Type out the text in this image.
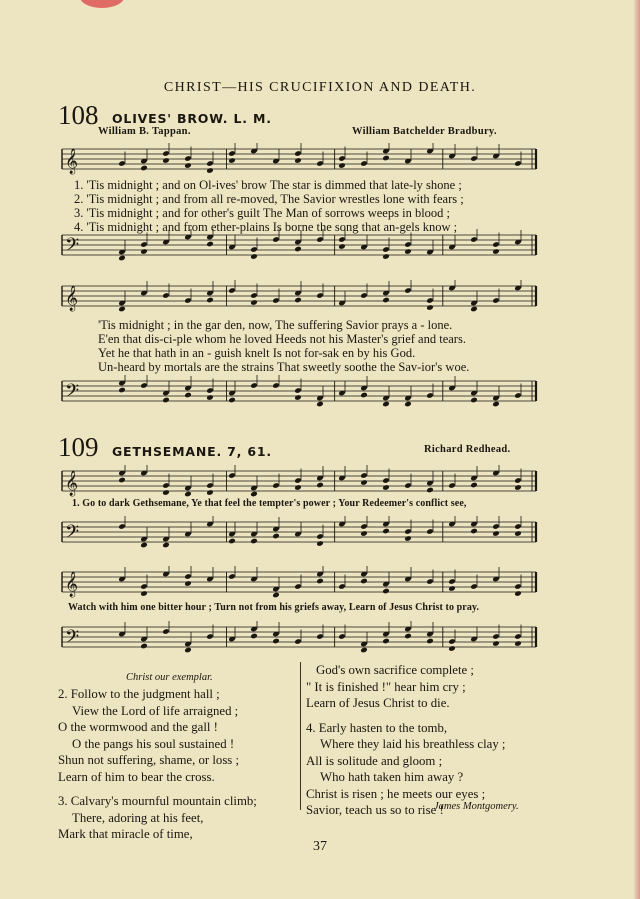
CHRIST—HIS CRUCIFIXION AND DEATH.
108 OLIVES' BROW. L. M.
William B. Tappan.	William Batchelder Bradbury.
𝄞
1. 'Tis midnight ; and on Ol-ives' brow The star is dimmed that late-ly shone ;
2. 'Tis midnight ; and from all re-moved, The Savior wrestles lone with fears ;
3. 'Tis midnight ; and for other's guilt The Man of sorrows weeps in blood ;
4. 'Tis midnight ; and from ether-plains Is borne the song that an-gels know ;
𝄢
𝄞
'Tis midnight ; in the gar den, now, The suffering Savior prays a - lone.
E'en that dis-ci-ple whom he loved Heeds not his Master's grief and tears.
Yet he that hath in an - guish knelt Is not for-sak en by his God.
Un-heard by mortals are the strains That sweetly soothe the Sav-ior's woe.
𝄢
109 GETHSEMANE. 7, 61.	Richard Redhead.
𝄞
1. Go to dark Gethsemane, Ye that feel the tempter's power ; Your Redeemer's conflict see,
𝄢
𝄞
Watch with him one bitter hour ; Turn not from his griefs away, Learn of Jesus Christ to pray.
𝄢
Christ our exemplar.
2. Follow to the judgment hall ;
View the Lord of life arraigned ;
O the wormwood and the gall !
O the pangs his soul sustained !
Shun not suffering, shame, or loss ;
Learn of him to bear the cross.
3. Calvary's mournful mountain climb;
There, adoring at his feet,
Mark that miracle of time,
God's own sacrifice complete ;
" It is finished !" hear him cry ;
Learn of Jesus Christ to die.
4. Early hasten to the tomb,
Where they laid his breathless clay ;
All is solitude and gloom ;
Who hath taken him away ?
Christ is risen ; he meets our eyes ;
Savior, teach us so to rise !
James Montgomery.
37
